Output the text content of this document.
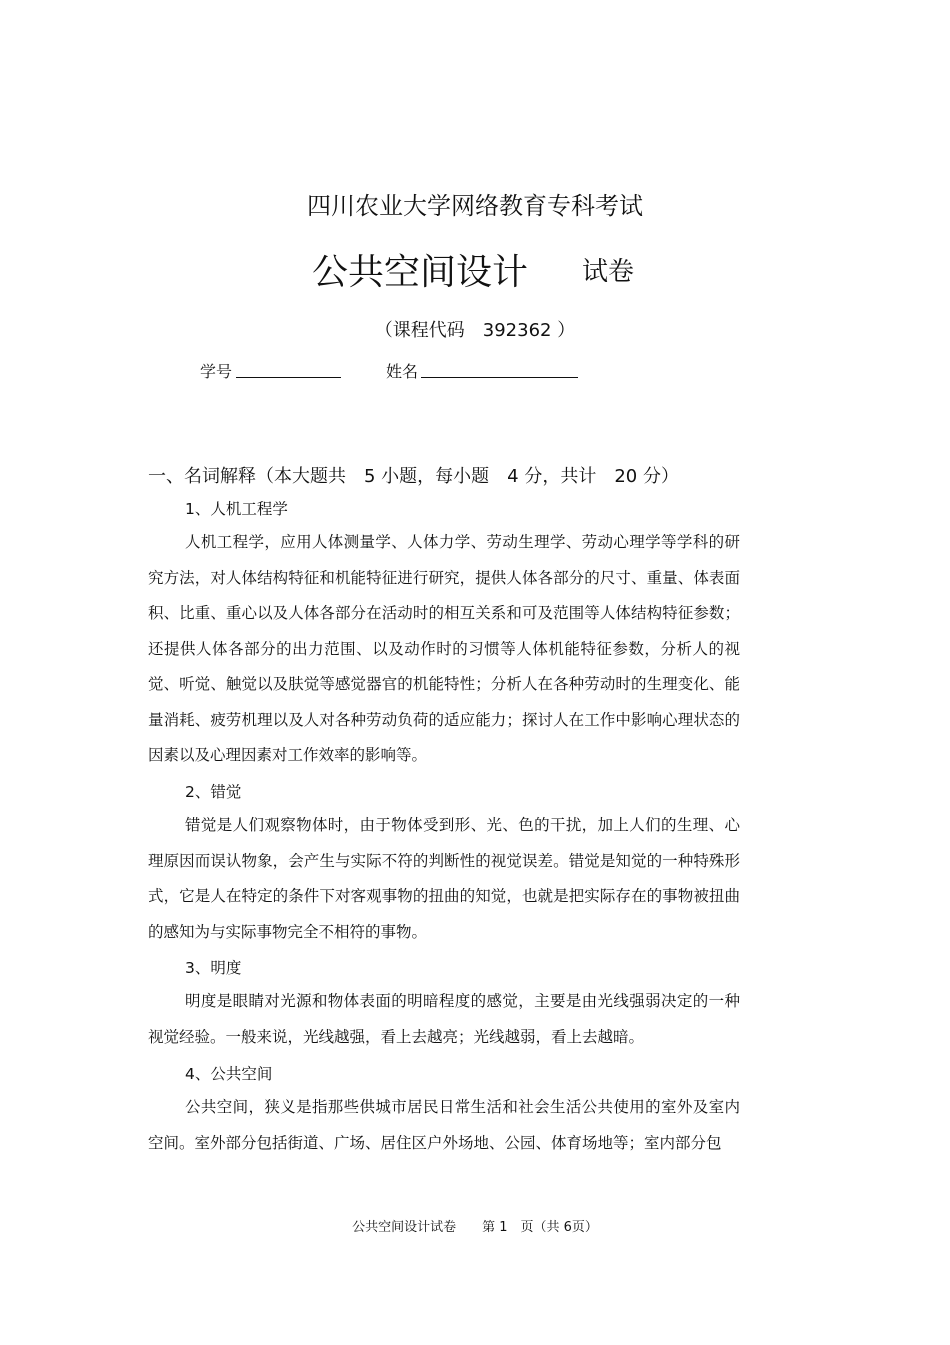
四川农业大学网络教育专科考试
公共空间设计 试卷
（课程代码　392362 ）
学号	姓名
一、名词解释（本大题共　5 小题，每小题　4 分，共计　20 分）
1、人机工程学

人机工程学，应用人体测量学、人体力学、劳动生理学、劳动心理学等学科的研究方法，对人体结构特征和机能特征进行研究，提供人体各部分的尺寸、重量、体表面积、比重、重心以及人体各部分在活动时的相互关系和可及范围等人体结构特征参数；还提供人体各部分的出力范围、以及动作时的习惯等人体机能特征参数，分析人的视觉、听觉、触觉以及肤觉等感觉器官的机能特性；分析人在各种劳动时的生理变化、能量消耗、疲劳机理以及人对各种劳动负荷的适应能力；探讨人在工作中影响心理状态的因素以及心理因素对工作效率的影响等。

2、错觉

错觉是人们观察物体时，由于物体受到形、光、色的干扰，加上人们的生理、心理原因而误认物象，会产生与实际不符的判断性的视觉误差。错觉是知觉的一种特殊形式，它是人在特定的条件下对客观事物的扭曲的知觉，也就是把实际存在的事物被扭曲的感知为与实际事物完全不相符的事物。

3、明度

明度是眼睛对光源和物体表面的明暗程度的感觉，主要是由光线强弱决定的一种视觉经验。一般来说，光线越强，看上去越亮；光线越弱，看上去越暗。

4、公共空间

公共空间，狭义是指那些供城市居民日常生活和社会生活公共使用的室外及室内空间。室外部分包括街道、广场、居住区户外场地、公园、体育场地等；室内部分包

公共空间设计试卷　　第 1　页（共 6页）
